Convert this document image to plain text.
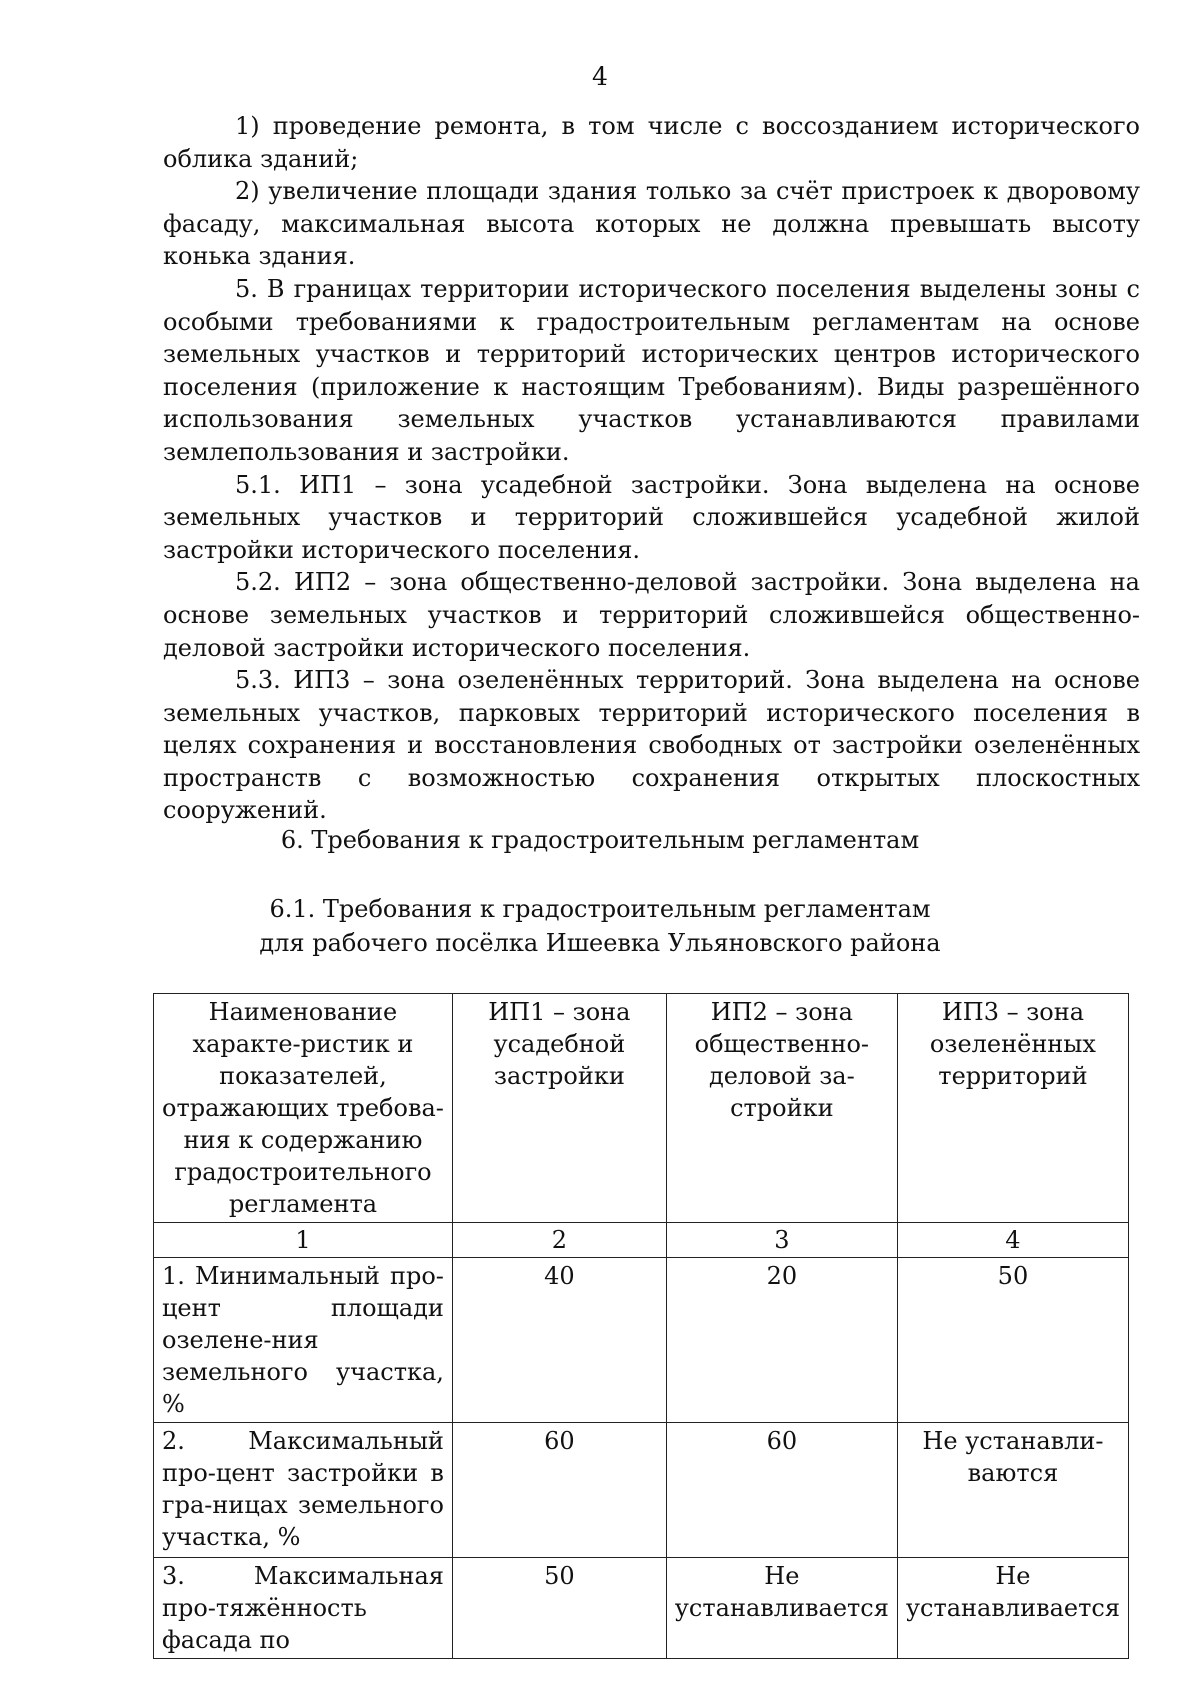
4

1) проведение ремонта, в том числе с воссозданием исторического облика зданий;

2) увеличение площади здания только за счёт пристроек к дворовому фасаду, максимальная высота которых не должна превышать высоту конька здания.

5. В границах территории исторического поселения выделены зоны с особыми требованиями к градостроительным регламентам на основе земельных участков и территорий исторических центров исторического поселения (приложение к настоящим Требованиям). Виды разрешённого использования земельных участков устанавливаются правилами землепользования и застройки.

5.1. ИП1 – зона усадебной застройки. Зона выделена на основе земельных участков и территорий сложившейся усадебной жилой застройки исторического поселения.

5.2. ИП2 – зона общественно-деловой застройки. Зона выделена на основе земельных участков и территорий сложившейся общественно-деловой застройки исторического поселения.

5.3. ИП3 – зона озеленённых территорий. Зона выделена на основе земельных участков, парковых территорий исторического поселения в целях сохранения и восстановления свободных от застройки озеленённых пространств с возможностью сохранения открытых плоскостных сооружений.

6. Требования к градостроительным регламентам
6.1. Требования к градостроительным регламентам
для рабочего посёлка Ишеевка Ульяновского района
Наименование характе-ристик и показателей, отражающих требова-ния к содержанию градостроительного регламента	ИП1 – зона усадебной застройки	ИП2 – зона общественно-деловой за-стройки	ИП3 – зона озеленённых территорий
1	2	3	4
1. Минимальный про-цент площади озелене-ния земельного участка, %	40	20	50
2. Максимальный про-цент застройки в гра-ницах земельного участка, %	60	60	Не устанавли-ваются
3. Максимальная про-тяжённость фасада по	50	Не устанавливается	Не устанавливается
